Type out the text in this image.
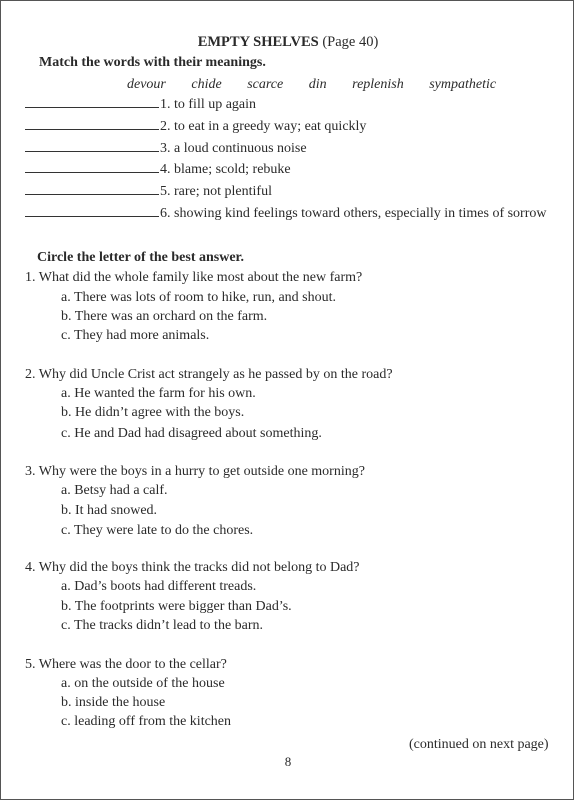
EMPTY SHELVES (Page 40)
Match the words with their meanings.
devour chide scarce din replenish sympathetic
1. to fill up again
2. to eat in a greedy way; eat quickly
3. a loud continuous noise
4. blame; scold; rebuke
5. rare; not plentiful
6. showing kind feelings toward others, especially in times of sorrow
Circle the letter of the best answer.
1. What did the whole family like most about the new farm?
a. There was lots of room to hike, run, and shout.
b. There was an orchard on the farm.
c. They had more animals.
2. Why did Uncle Crist act strangely as he passed by on the road?
a. He wanted the farm for his own.
b. He didn’t agree with the boys.
c. He and Dad had disagreed about something.
3. Why were the boys in a hurry to get outside one morning?
a. Betsy had a calf.
b. It had snowed.
c. They were late to do the chores.
4. Why did the boys think the tracks did not belong to Dad?
a. Dad’s boots had different treads.
b. The footprints were bigger than Dad’s.
c. The tracks didn’t lead to the barn.
5. Where was the door to the cellar?
a. on the outside of the house
b. inside the house
c. leading off from the kitchen
(continued on next page)
8
